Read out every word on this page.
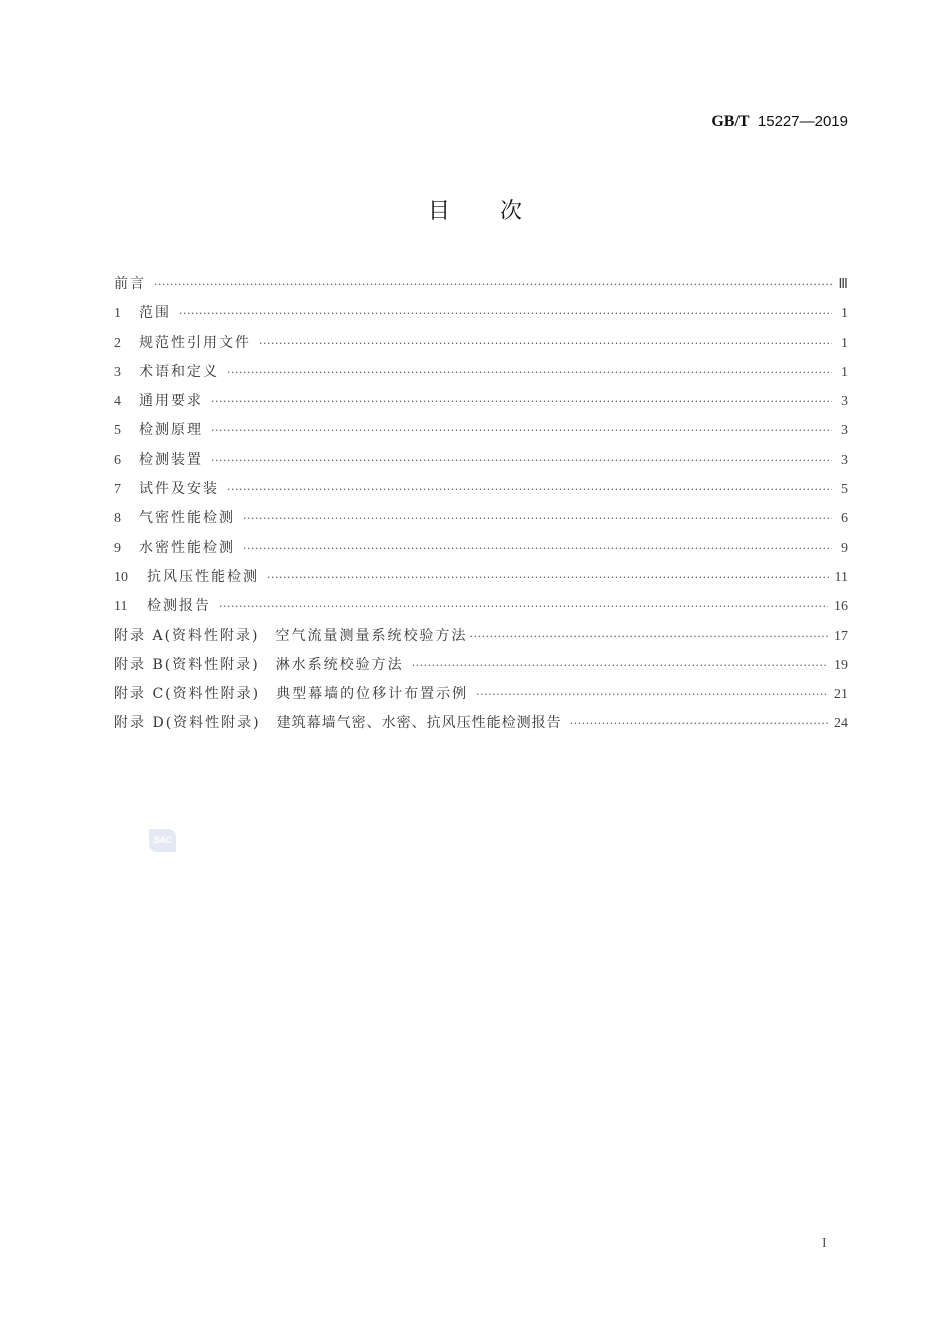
GB/T 15227—2019
目 次
前言 ·····	Ⅲ
1	范围 ·····	1
2	规范性引用文件 ·····	1
3	术语和定义 ·····	1
4	通用要求 ·····	3
5	检测原理 ·····	3
6	检测装置 ·····	3
7	试件及安装 ·····	5
8	气密性能检测 ·····	6
9	水密性能检测 ·····	9
10	抗风压性能检测 ·····	11
11	检测报告 ·····	16
附录 A (资料性附录) 空气流量测量系统校验方法 ·····	17
附录 B (资料性附录) 淋水系统校验方法 ·····	19
附录 C (资料性附录) 典型幕墙的位移计布置示例 ·····	21
附录 D (资料性附录) 建筑幕墙气密、水密、抗风压性能检测报告 ·····	24
SAC
I
